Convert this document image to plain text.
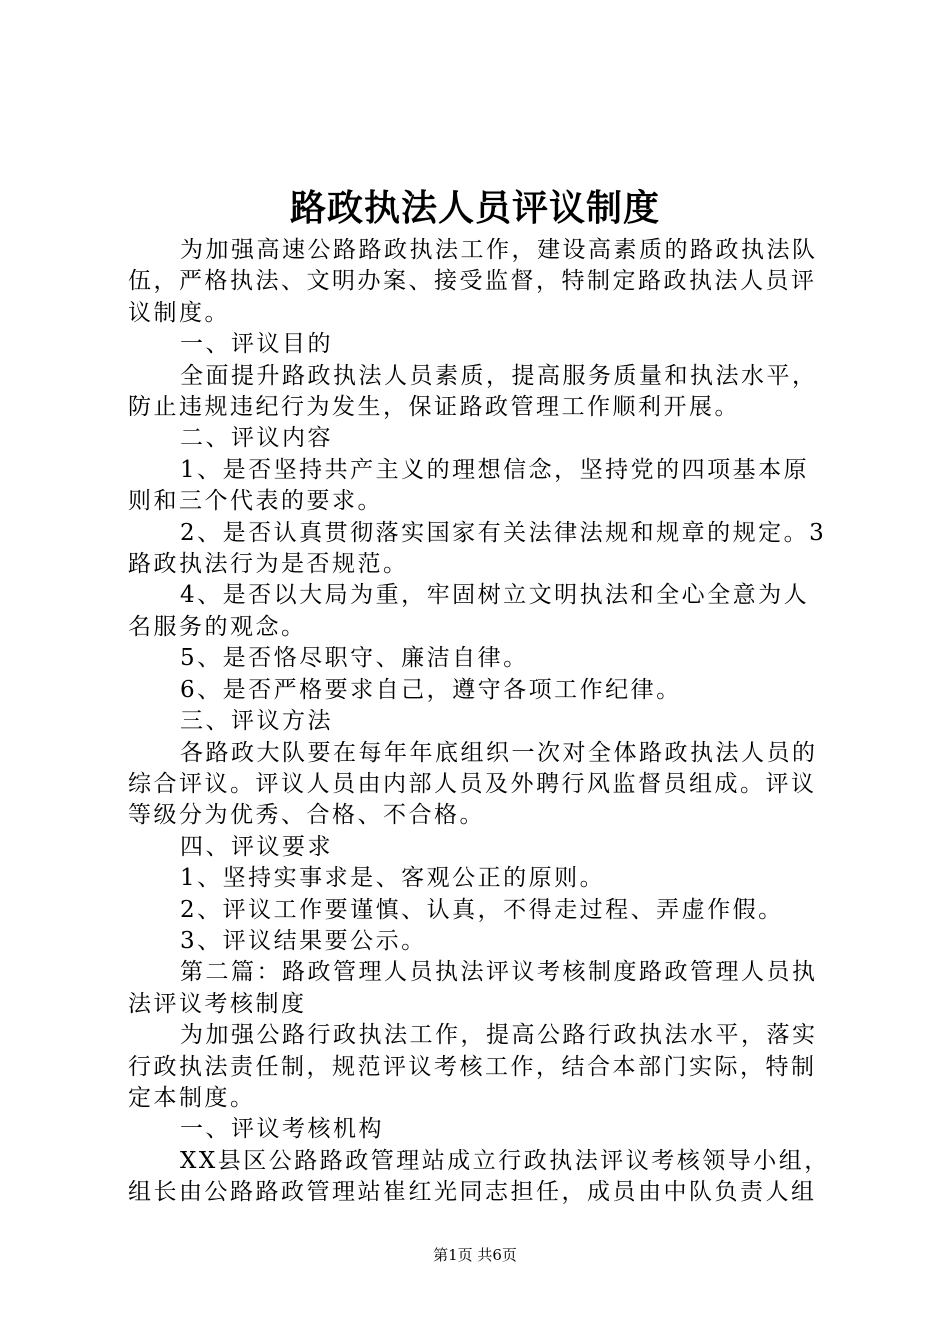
路政执法人员评议制度

为加强高速公路路政执法工作，建设高素质的路政执法队伍，严格执法、文明办案、接受监督，特制定路政执法人员评议制度。

一、评议目的

全面提升路政执法人员素质，提高服务质量和执法水平，防止违规违纪行为发生，保证路政管理工作顺利开展。

二、评议内容

1、是否坚持共产主义的理想信念，坚持党的四项基本原则和三个代表的要求。

2、是否认真贯彻落实国家有关法律法规和规章的规定。3路政执法行为是否规范。

4、是否以大局为重，牢固树立文明执法和全心全意为人名服务的观念。

5、是否恪尽职守、廉洁自律。

6、是否严格要求自己，遵守各项工作纪律。

三、评议方法

各路政大队要在每年年底组织一次对全体路政执法人员的综合评议。评议人员由内部人员及外聘行风监督员组成。评议等级分为优秀、合格、不合格。

四、评议要求

1、坚持实事求是、客观公正的原则。

2、评议工作要谨慎、认真，不得走过程、弄虚作假。

3、评议结果要公示。

第二篇：路政管理人员执法评议考核制度路政管理人员执法评议考核制度

为加强公路行政执法工作，提高公路行政执法水平，落实行政执法责任制，规范评议考核工作，结合本部门实际，特制定本制度。

一、评议考核机构

XX县区公路路政管理站成立行政执法评议考核领导小组，组长由公路路政管理站崔红光同志担任，成员由中队负责人组

第1页 共6页
